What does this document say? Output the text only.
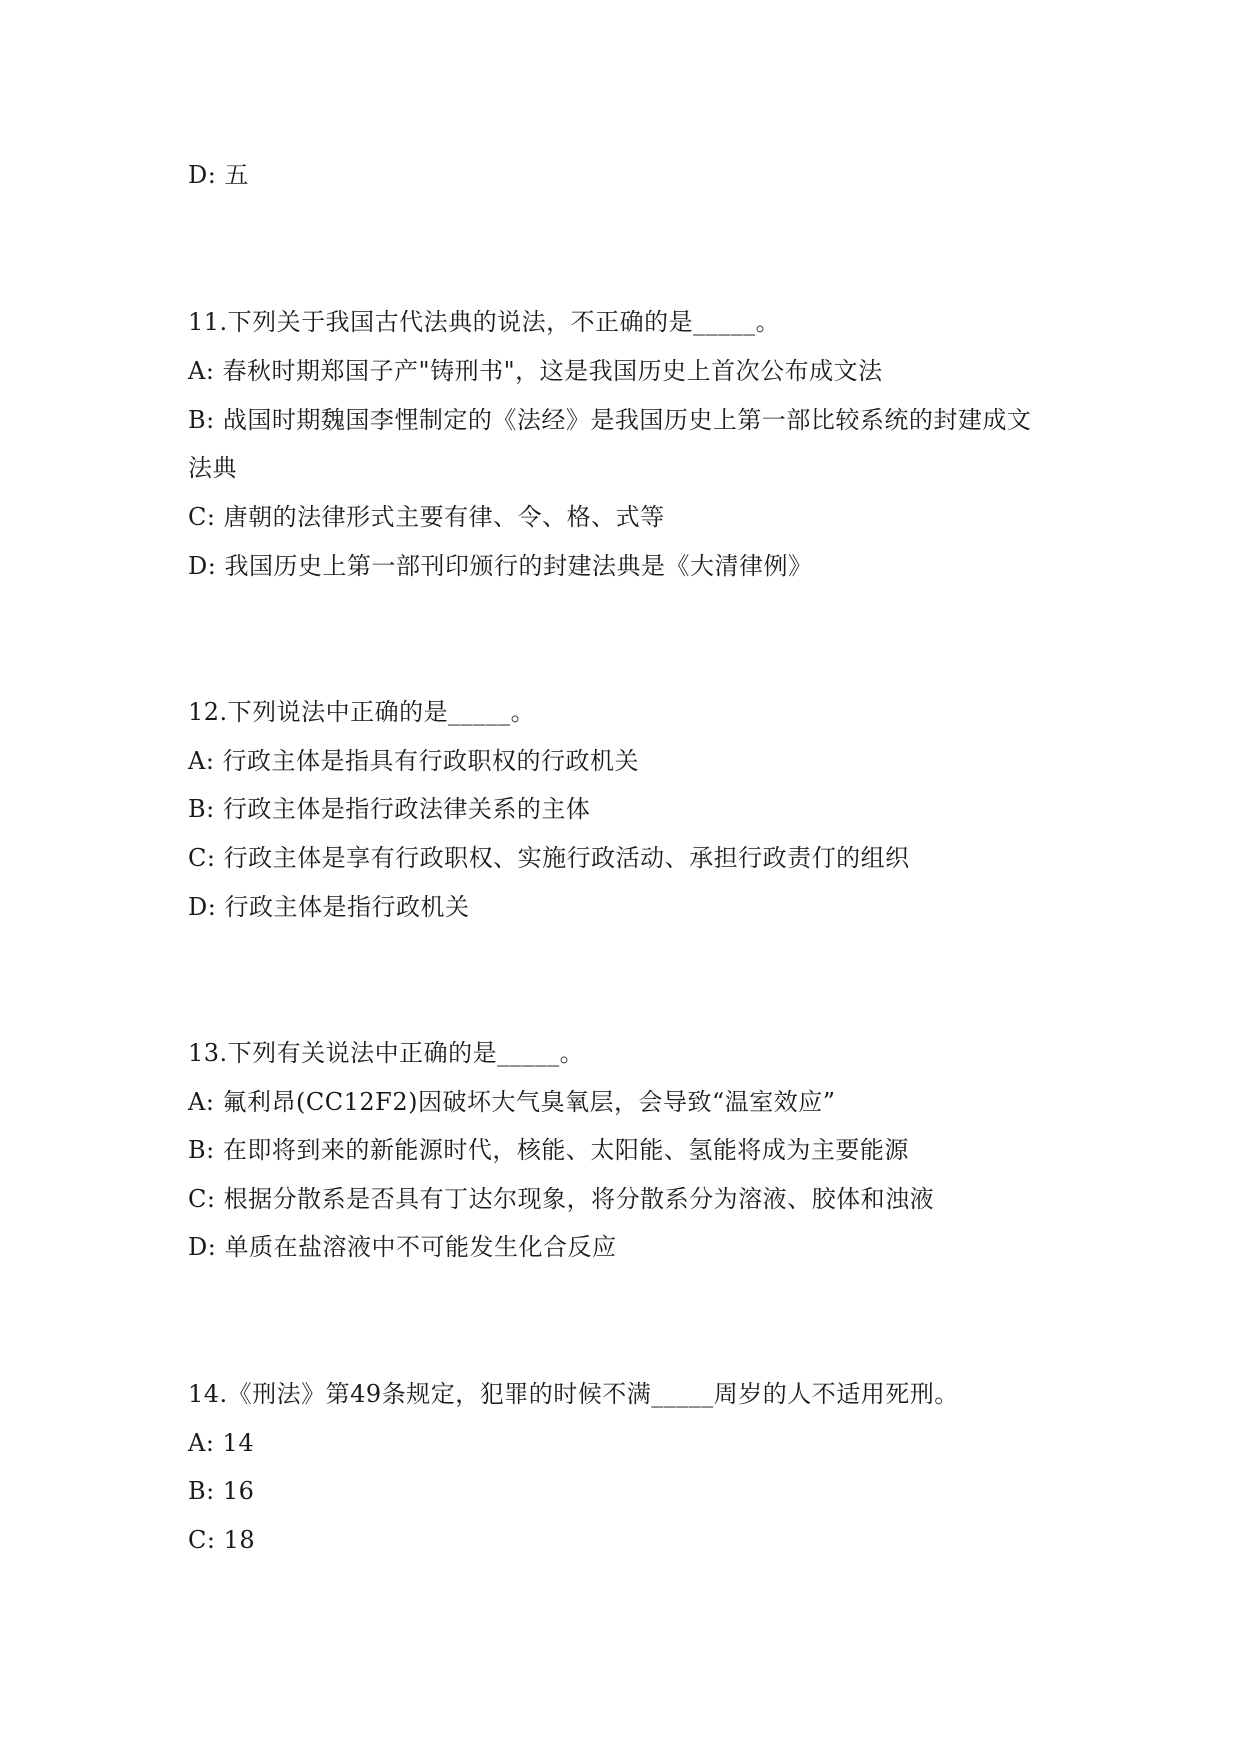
D: 五
11.下列关于我国古代法典的说法，不正确的是_____。
A: 春秋时期郑国子产"铸刑书"，这是我国历史上首次公布成文法
B: 战国时期魏国李悝制定的《法经》是我国历史上第一部比较系统的封建成文
法典
C: 唐朝的法律形式主要有律、令、格、式等
D: 我国历史上第一部刊印颁行的封建法典是《大清律例》
12.下列说法中正确的是_____。
A: 行政主体是指具有行政职权的行政机关
B: 行政主体是指行政法律关系的主体
C: 行政主体是享有行政职权、实施行政活动、承担行政责仃的组织
D: 行政主体是指行政机关
13.下列有关说法中正确的是_____。
A: 氟利昂(CC12F2)因破坏大气臭氧层，会导致“温室效应”
B: 在即将到来的新能源时代，核能、太阳能、氢能将成为主要能源
C: 根据分散系是否具有丁达尔现象，将分散系分为溶液、胶体和浊液
D: 单质在盐溶液中不可能发生化合反应
14.《刑法》第49条规定，犯罪的时候不满_____周岁的人不适用死刑。
A: 14
B: 16
C: 18
